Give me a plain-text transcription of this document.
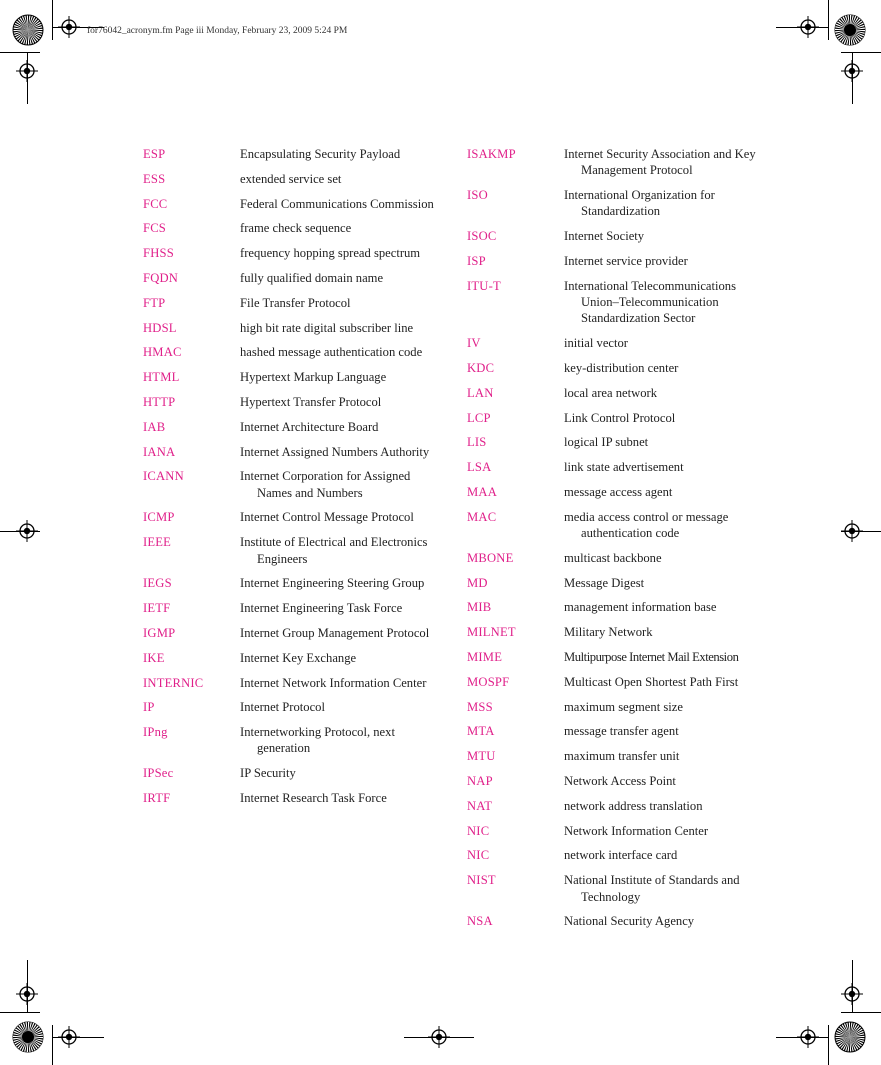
for76042_acronym.fm Page iii Monday, February 23, 2009 5:24 PM
ESP	Encapsulating Security Payload
ESS	extended service set
FCC	Federal Communications Commission
FCS	frame check sequence
FHSS	frequency hopping spread spectrum
FQDN	fully qualified domain name
FTP	File Transfer Protocol
HDSL	high bit rate digital subscriber line
HMAC	hashed message authentication code
HTML	Hypertext Markup Language
HTTP	Hypertext Transfer Protocol
IAB	Internet Architecture Board
IANA	Internet Assigned Numbers Authority
ICANN	Internet Corporation for Assigned Names and Numbers
ICMP	Internet Control Message Protocol
IEEE	Institute of Electrical and Electronics Engineers
IEGS	Internet Engineering Steering Group
IETF	Internet Engineering Task Force
IGMP	Internet Group Management Protocol
IKE	Internet Key Exchange
INTERNIC	Internet Network Information Center
IP	Internet Protocol
IPng	Internetworking Protocol, next generation
IPSec	IP Security
IRTF	Internet Research Task Force
ISAKMP	Internet Security Association and Key Management Protocol
ISO	International Organization for Standardization
ISOC	Internet Society
ISP	Internet service provider
ITU-T	International Telecommunications Union–Telecommunication Standardization Sector
IV	initial vector
KDC	key-distribution center
LAN	local area network
LCP	Link Control Protocol
LIS	logical IP subnet
LSA	link state advertisement
MAA	message access agent
MAC	media access control or message authentication code
MBONE	multicast backbone
MD	Message Digest
MIB	management information base
MILNET	Military Network
MIME	Multipurpose Internet Mail Extension
MOSPF	Multicast Open Shortest Path First
MSS	maximum segment size
MTA	message transfer agent
MTU	maximum transfer unit
NAP	Network Access Point
NAT	network address translation
NIC	Network Information Center
NIC	network interface card
NIST	National Institute of Standards and Technology
NSA	National Security Agency
